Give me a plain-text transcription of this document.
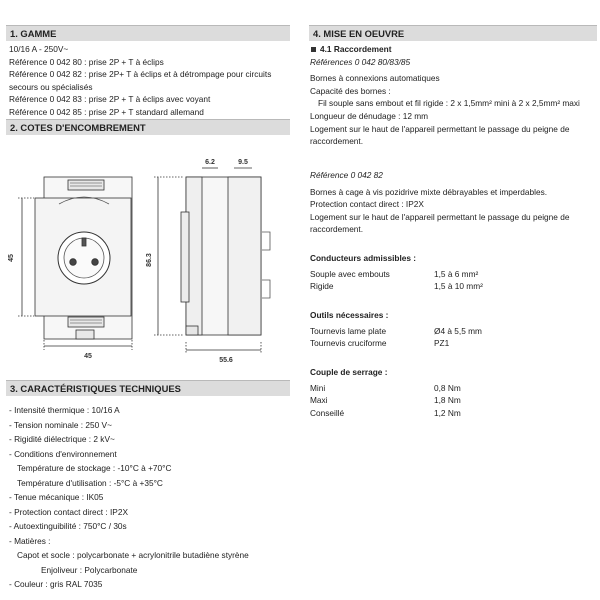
1. GAMME
10/16 A - 250V~
Référence 0 042 80 : prise 2P + T à éclips
Référence 0 042 82 : prise 2P+ T à éclips et à détrompage pour circuits
secours ou spécialisés
Référence 0 042 83 : prise 2P + T à éclips avec voyant
Référence 0 042 85 : prise 2P + T standard allemand
2. COTES D'ENCOMBREMENT
45
45
86.3
55.6
6.2	9.5
3. CARACTÉRISTIQUES TECHNIQUES
- Intensité thermique : 10/16 A
- Tension nominale : 250 V~
- Rigidité diélectrique : 2 kV~
- Conditions d'environnement
Température de stockage : -10°C à +70°C
Température d'utilisation : -5°C à +35°C
- Tenue mécanique : IK05
- Protection contact direct : IP2X
- Autoextinguibilité : 750°C / 30s
- Matières :
Capot et socle : polycarbonate + acrylonitrile butadiène styrène
Enjoliveur : Polycarbonate
- Couleur : gris RAL 7035
4. MISE EN OEUVRE
4.1 Raccordement
Références 0 042 80/83/85
Bornes à connexions automatiques
Capacité des bornes :
Fil souple sans embout et fil rigide : 2 x 1,5mm² mini à 2 x 2,5mm² maxi
Longueur de dénudage : 12 mm
Logement sur le haut de l'appareil permettant le passage du peigne de
raccordement.
Référence 0 042 82
Bornes à cage à vis pozidrive mixte débrayables et imperdables.
Protection contact direct : IP2X
Logement sur le haut de l'appareil permettant le passage du peigne de
raccordement.
Conducteurs admissibles :
Souple avec embouts	1,5 à 6 mm²
Rigide	1,5 à 10 mm²
Outils nécessaires :
Tournevis lame plate	Ø4 à 5,5 mm
Tournevis cruciforme	PZ1
Couple de serrage :
Mini	0,8 Nm
Maxi	1,8 Nm
Conseillé	1,2 Nm
